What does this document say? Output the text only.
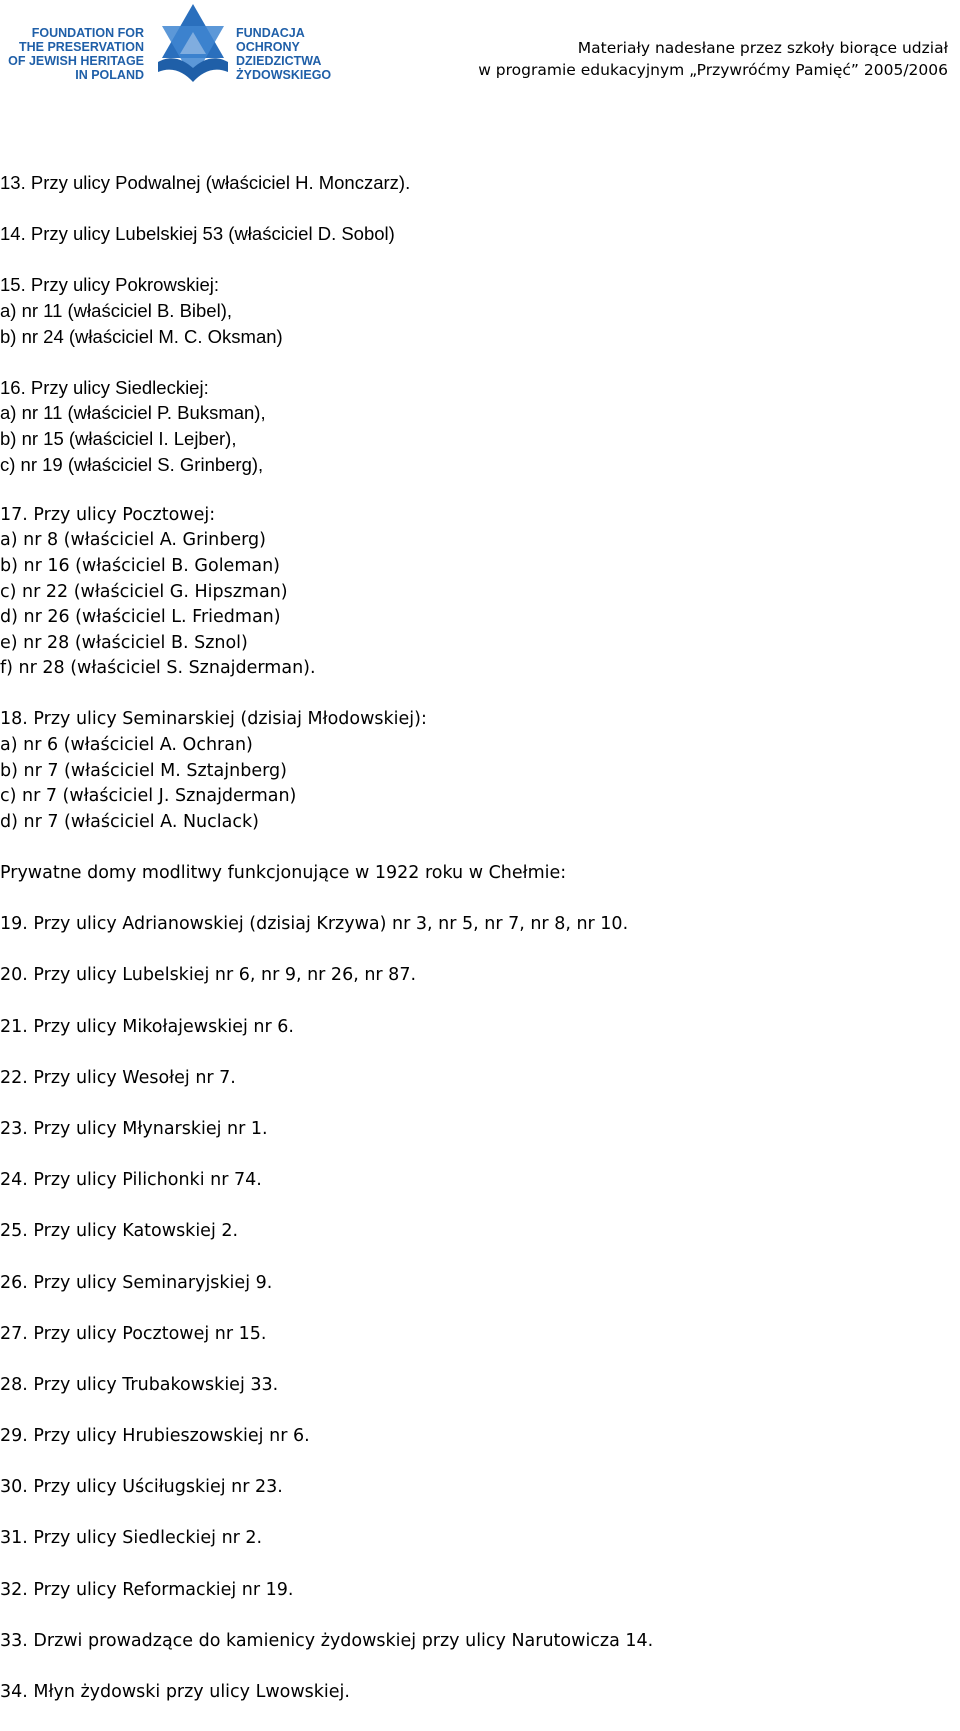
FOUNDATION FOR
THE PRESERVATION
OF JEWISH HERITAGE
IN POLAND
FUNDACJA
OCHRONY
DZIEDZICTWA
ŻYDOWSKIEGO
Materiały nadesłane przez szkoły biorące udział
w programie edukacyjnym „Przywróćmy Pamięć” 2005/2006
13. Przy ulicy Podwalnej (właściciel H. Monczarz).
14. Przy ulicy Lubelskiej 53 (właściciel D. Sobol)
15. Przy ulicy Pokrowskiej:
a) nr 11 (właściciel B. Bibel),
b) nr 24 (właściciel M. C. Oksman)
16. Przy ulicy Siedleckiej:
a) nr 11 (właściciel P. Buksman),
b) nr 15 (właściciel I. Lejber),
c) nr 19 (właściciel S. Grinberg),
17. Przy ulicy Pocztowej:
a) nr 8 (właściciel A. Grinberg)
b) nr 16 (właściciel B. Goleman)
c) nr 22 (właściciel G. Hipszman)
d) nr 26 (właściciel L. Friedman)
e) nr 28 (właściciel B. Sznol)
f) nr 28 (właściciel S. Sznajderman).
18. Przy ulicy Seminarskiej (dzisiaj Młodowskiej):
a) nr 6 (właściciel A. Ochran)
b) nr 7 (właściciel M. Sztajnberg)
c) nr 7 (właściciel J. Sznajderman)
d) nr 7 (właściciel A. Nuclack)
Prywatne domy modlitwy funkcjonujące w 1922 roku w Chełmie:
19. Przy ulicy Adrianowskiej (dzisiaj Krzywa) nr 3, nr 5, nr 7, nr 8, nr 10.
20. Przy ulicy Lubelskiej nr 6, nr 9, nr 26, nr 87.
21. Przy ulicy Mikołajewskiej nr 6.
22. Przy ulicy Wesołej nr 7.
23. Przy ulicy Młynarskiej nr 1.
24. Przy ulicy Pilichonki nr 74.
25. Przy ulicy Katowskiej 2.
26. Przy ulicy Seminaryjskiej 9.
27. Przy ulicy Pocztowej nr 15.
28. Przy ulicy Trubakowskiej 33.
29. Przy ulicy Hrubieszowskiej nr 6.
30. Przy ulicy Uściługskiej nr 23.
31. Przy ulicy Siedleckiej nr 2.
32. Przy ulicy Reformackiej nr 19.
33. Drzwi prowadzące do kamienicy żydowskiej przy ulicy Narutowicza 14.
34. Młyn żydowski przy ulicy Lwowskiej.
